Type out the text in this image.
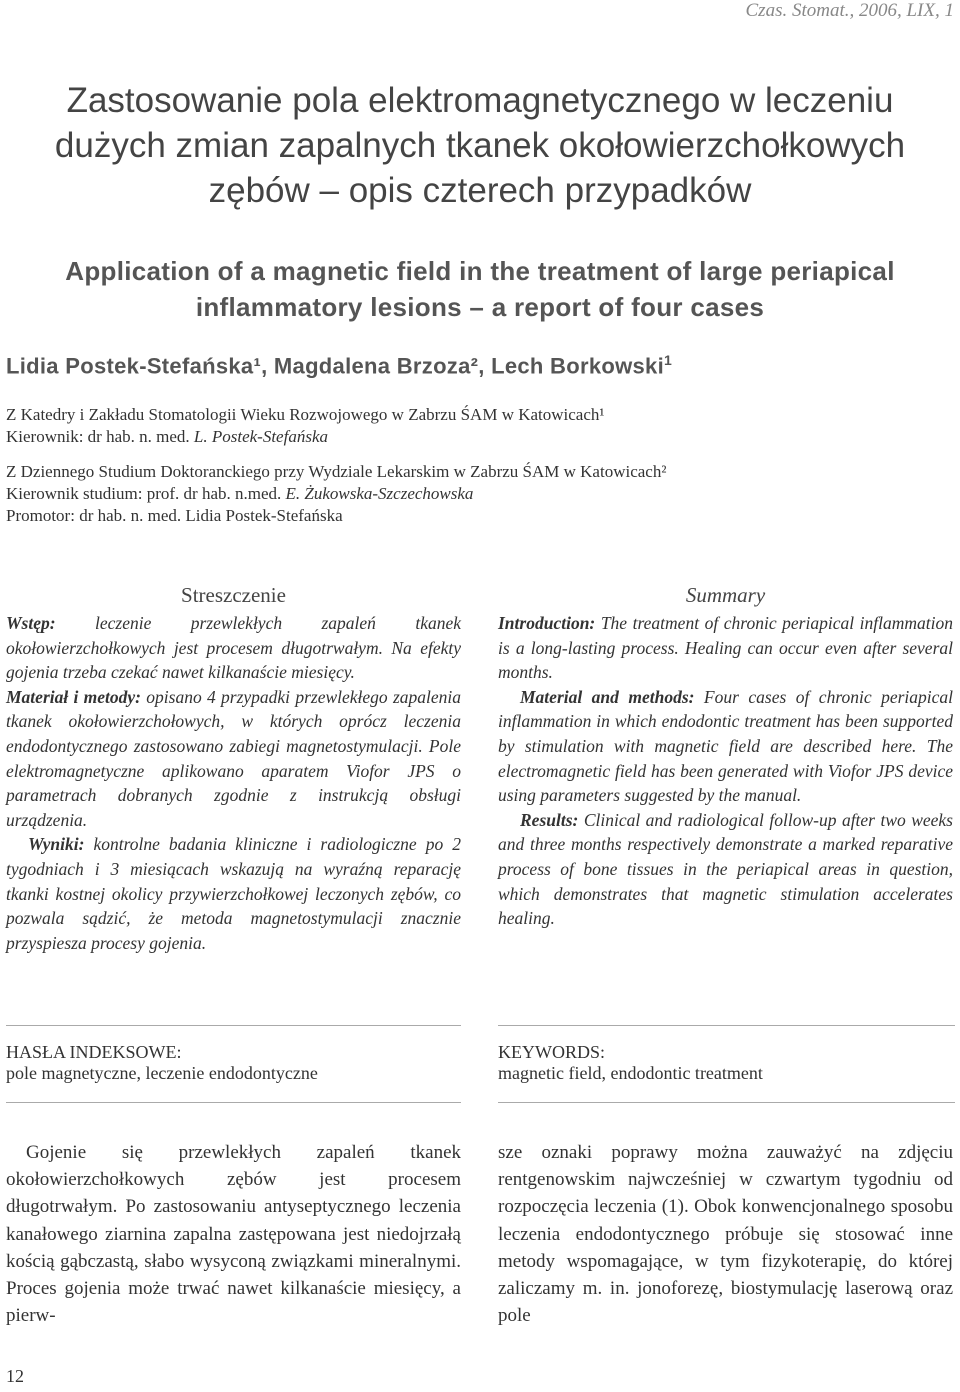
Czas. Stomat., 2006, LIX, 1
Zastosowanie pola elektromagnetycznego w leczeniu
dużych zmian zapalnych tkanek okołowierzchołkowych
zębów – opis czterech przypadków
Application of a magnetic field in the treatment of large periapical
inflammatory lesions – a report of four cases
Lidia Postek-Stefańska¹, Magdalena Brzoza², Lech Borkowski$^1$
Z Katedry i Zakładu Stomatologii Wieku Rozwojowego w Zabrzu ŚAM w Katowicach¹
Kierownik: dr hab. n. med. L. Postek-Stefańska
Z Dziennego Studium Doktoranckiego przy Wydziale Lekarskim w Zabrzu ŚAM w Katowicach²
Kierownik studium: prof. dr hab. n.med. E. Żukowska-Szczechowska
Promotor: dr hab. n. med. Lidia Postek-Stefańska
Streszczenie

Wstęp: leczenie przewlekłych zapaleń tkanek okołowierzchołkowych jest procesem długotrwałym. Na efekty gojenia trzeba czekać nawet kilkanaście miesięcy.

Materiał i metody: opisano 4 przypadki przewlekłego zapalenia tkanek okołowierzchołowych, w których oprócz leczenia endodontycznego zastosowano zabiegi magnetostymulacji. Pole elektromagnetyczne aplikowano aparatem Viofor JPS o parametrach dobranych zgodnie z instrukcją obsługi urządzenia.

Wyniki: kontrolne badania kliniczne i radiologiczne po 2 tygodniach i 3 miesiącach wskazują na wyraźną reparację tkanki kostnej okolicy przywierzchołkowej leczonych zębów, co pozwala sądzić, że metoda magnetostymulacji znacznie przyspiesza procesy gojenia.

Summary

Introduction: The treatment of chronic periapical inflammation is a long-lasting process. Healing can occur even after several months.

Material and methods: Four cases of chronic periapical inflammation in which endodontic treatment has been supported by stimulation with magnetic field are described here. The electromagnetic field has been generated with Viofor JPS device using parameters suggested by the manual.

Results: Clinical and radiological follow-up after two weeks and three months respectively demonstrate a marked reparative process of bone tissues in the periapical areas in question, which demonstrates that magnetic stimulation accelerates healing.

HASŁA INDEKSOWE:
pole magnetyczne, leczenie endodontyczne
KEYWORDS:
magnetic field, endodontic treatment
Gojenie się przewlekłych zapaleń tkanek okołowierzchołkowych zębów jest procesem długotrwałym. Po zastosowaniu antyseptycznego leczenia kanałowego ziarnina zapalna zastępowana jest niedojrzałą kością gąbczastą, słabo wysyconą związkami mineralnymi. Proces gojenia może trwać nawet kilkanaście miesięcy, a pierw-
sze oznaki poprawy można zauważyć na zdjęciu rentgenowskim najwcześniej w czwartym tygodniu od rozpoczęcia leczenia (1). Obok konwencjonalnego sposobu leczenia endodontycznego próbuje się stosować inne metody wspomagające, w tym fizykoterapię, do której zaliczamy m. in. jonoforezę, biostymulację laserową oraz pole
12
